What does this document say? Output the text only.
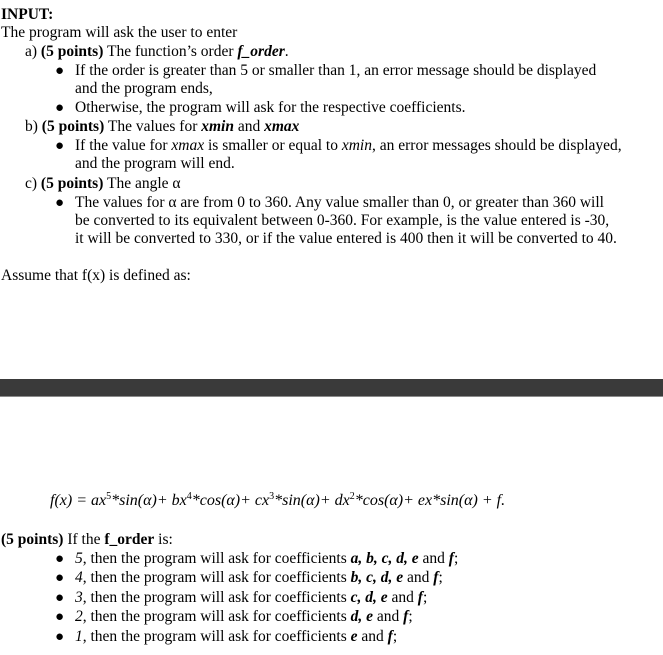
INPUT:
The program will ask the user to enter
a) (5 points) The function’s order f_order.
● If the order is greater than 5 or smaller than 1, an error message should be displayed
and the program ends,
● Otherwise, the program will ask for the respective coefficients.
b) (5 points) The values for xmin and xmax
● If the value for xmax is smaller or equal to xmin, an error messages should be displayed,
and the program will end.
c) (5 points) The angle α
● The values for α are from 0 to 360. Any value smaller than 0, or greater than 360 will
be converted to its equivalent between 0-360. For example, is the value entered is -30,
it will be converted to 330, or if the value entered is 400 then it will be converted to 40.
Assume that f(x) is defined as:
$f(x) = ax^5*\sin(\alpha)+ bx^4*\cos(\alpha)+ cx^3*\sin(\alpha)+ dx^2*\cos(\alpha)+ ex*\sin(\alpha) + f$.
(5 points) If the f_order is:
● 5, then the program will ask for coefficients a, b, c, d, e and f;
● 4, then the program will ask for coefficients b, c, d, e and f;
● 3, then the program will ask for coefficients c, d, e and f;
● 2, then the program will ask for coefficients d, e and f;
● 1, then the program will ask for coefficients e and f;
